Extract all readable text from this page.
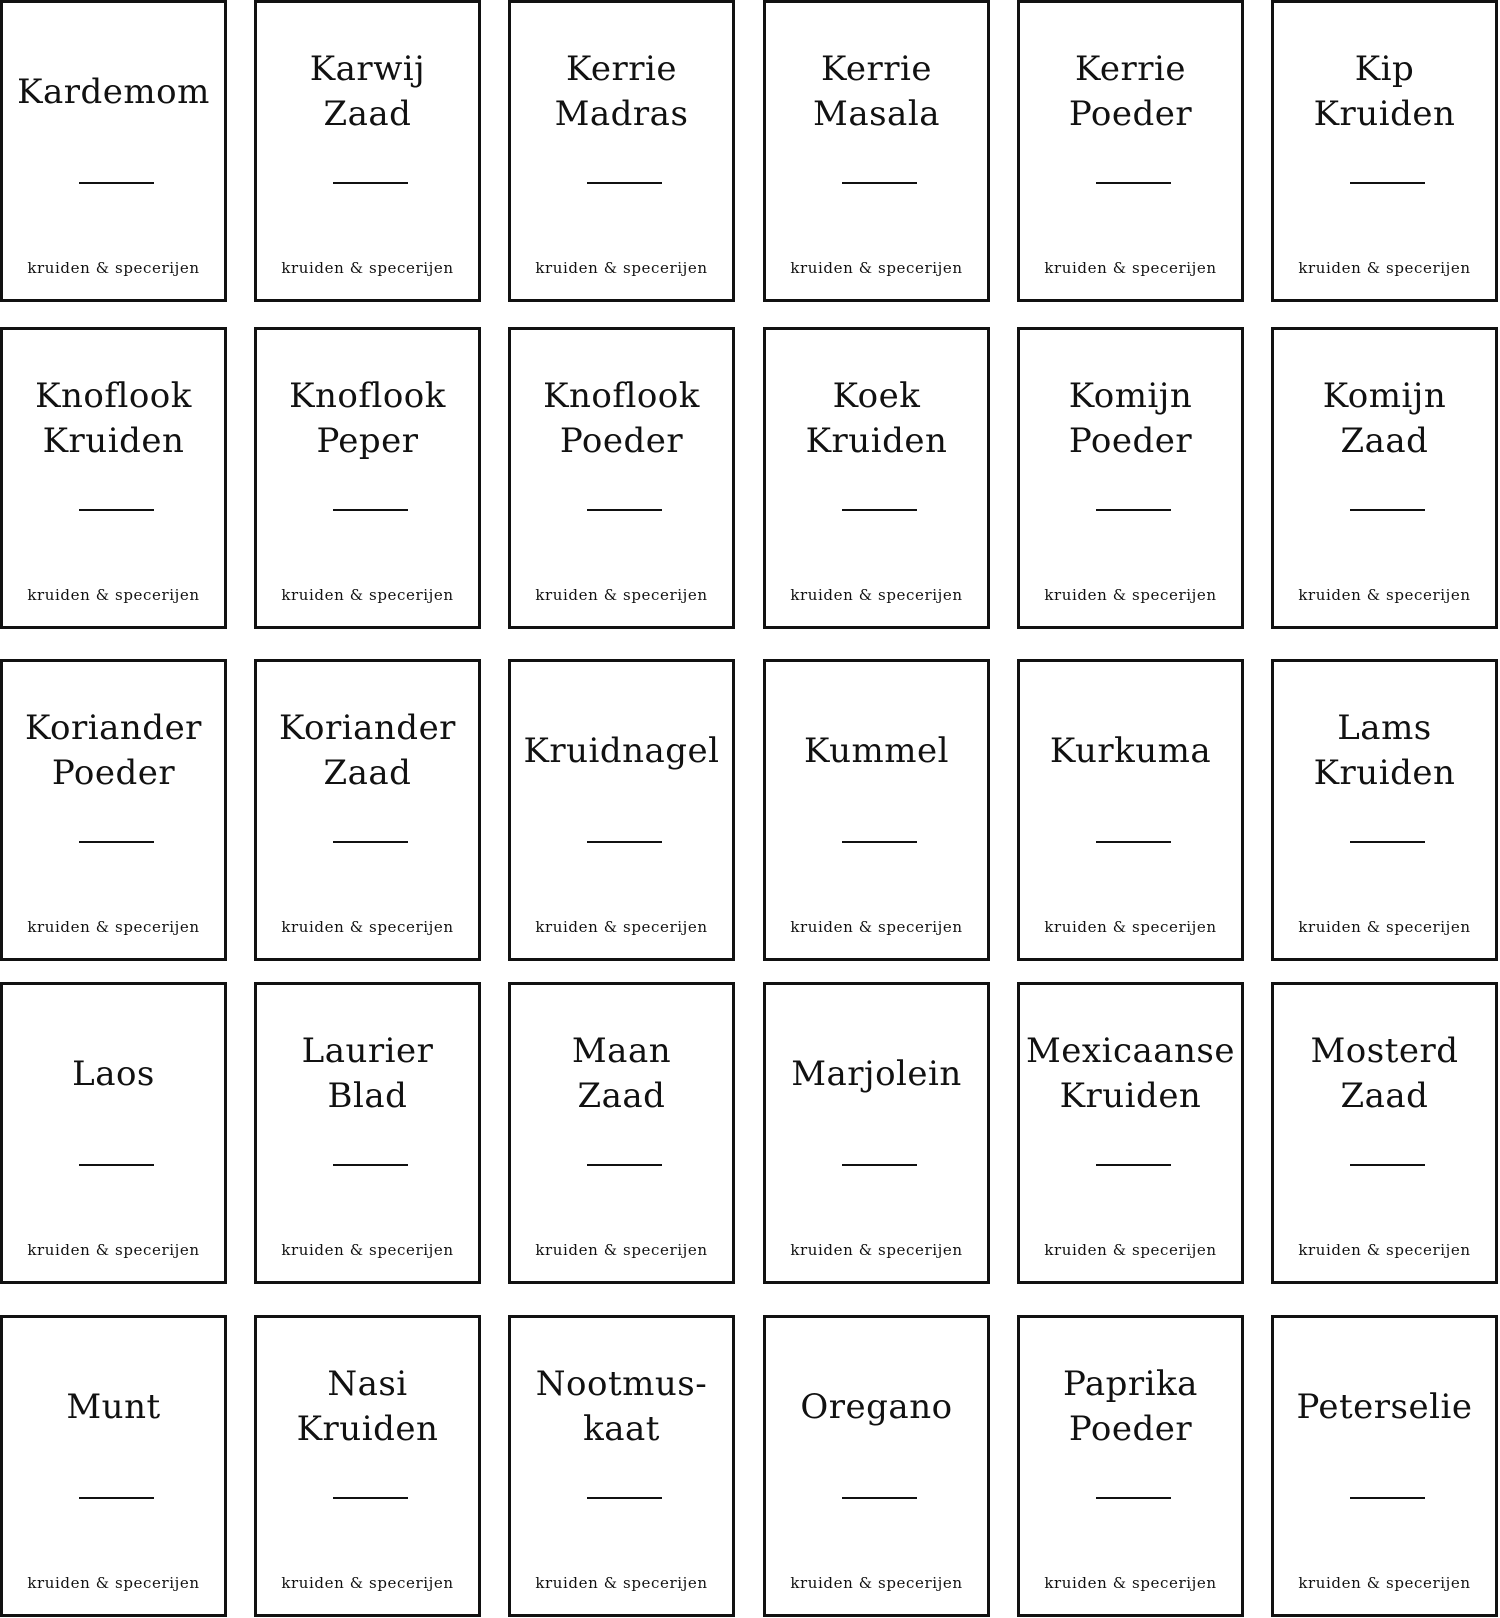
Kardemom
kruiden & specerijen
Karwij
Zaad
kruiden & specerijen
Kerrie
Madras
kruiden & specerijen
Kerrie
Masala
kruiden & specerijen
Kerrie
Poeder
kruiden & specerijen
Kip
Kruiden
kruiden & specerijen
Knoflook
Kruiden
kruiden & specerijen
Knoflook
Peper
kruiden & specerijen
Knoflook
Poeder
kruiden & specerijen
Koek
Kruiden
kruiden & specerijen
Komijn
Poeder
kruiden & specerijen
Komijn
Zaad
kruiden & specerijen
Koriander
Poeder
kruiden & specerijen
Koriander
Zaad
kruiden & specerijen
Kruidnagel
kruiden & specerijen
Kummel
kruiden & specerijen
Kurkuma
kruiden & specerijen
Lams
Kruiden
kruiden & specerijen
Laos
kruiden & specerijen
Laurier
Blad
kruiden & specerijen
Maan
Zaad
kruiden & specerijen
Marjolein
kruiden & specerijen
Mexicaanse
Kruiden
kruiden & specerijen
Mosterd
Zaad
kruiden & specerijen
Munt
kruiden & specerijen
Nasi
Kruiden
kruiden & specerijen
Nootmus-
kaat
kruiden & specerijen
Oregano
kruiden & specerijen
Paprika
Poeder
kruiden & specerijen
Peterselie
kruiden & specerijen
